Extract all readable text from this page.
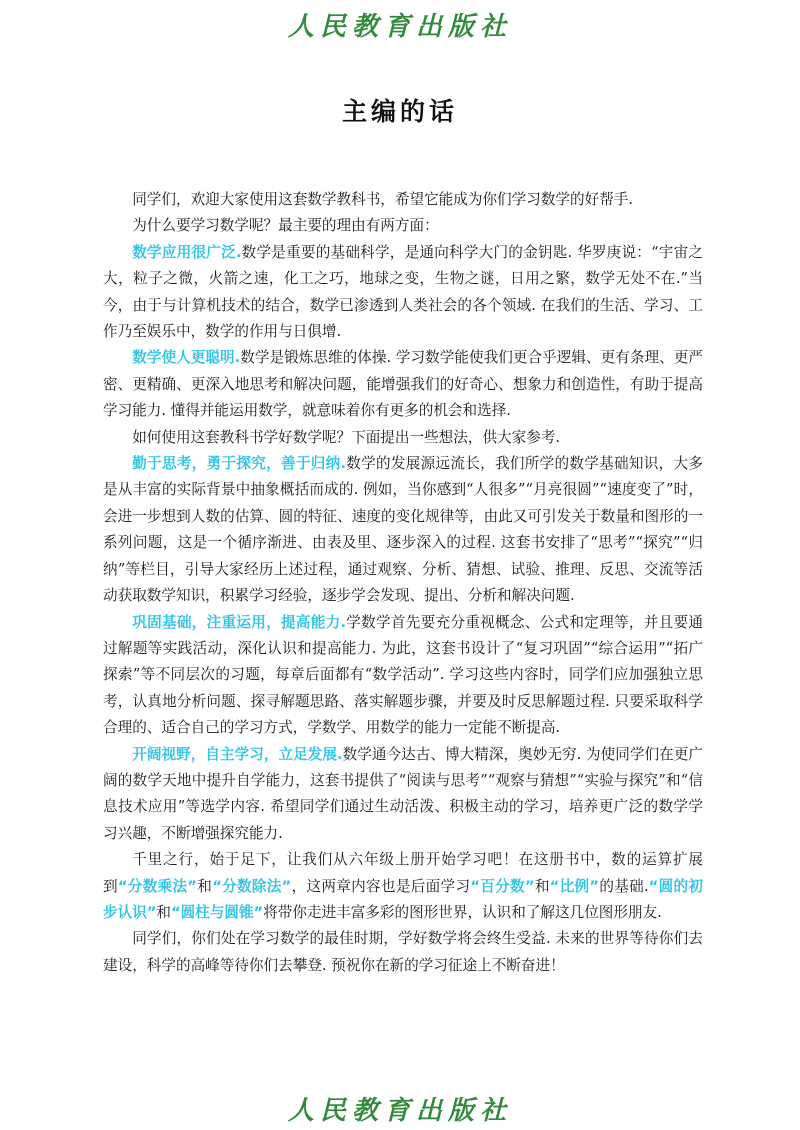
人民教育出版社
主编的话

同学们，欢迎大家使用这套数学教科书，希望它能成为你们学习数学的好帮手.

为什么要学习数学呢？最主要的理由有两方面：

数学应用很广泛.数学是重要的基础科学，是通向科学大门的金钥匙. 华罗庚说：“宇宙之大，粒子之微，火箭之速，化工之巧，地球之变，生物之谜，日用之繁，数学无处不在.”当今，由于与计算机技术的结合，数学已渗透到人类社会的各个领域. 在我们的生活、学习、工作乃至娱乐中，数学的作用与日俱增.

数学使人更聪明.数学是锻炼思维的体操. 学习数学能使我们更合乎逻辑、更有条理、更严密、更精确、更深入地思考和解决问题，能增强我们的好奇心、想象力和创造性，有助于提高学习能力. 懂得并能运用数学，就意味着你有更多的机会和选择.

如何使用这套教科书学好数学呢？下面提出一些想法，供大家参考.

勤于思考，勇于探究，善于归纳.数学的发展源远流长，我们所学的数学基础知识，大多是从丰富的实际背景中抽象概括而成的. 例如，当你感到“人很多”“月亮很圆”“速度变了”时，会进一步想到人数的估算、圆的特征、速度的变化规律等，由此又可引发关于数量和图形的一系列问题，这是一个循序渐进、由表及里、逐步深入的过程. 这套书安排了“思考”“探究”“归纳”等栏目，引导大家经历上述过程，通过观察、分析、猜想、试验、推理、反思、交流等活动获取数学知识，积累学习经验，逐步学会发现、提出、分析和解决问题.

巩固基础，注重运用，提高能力.学数学首先要充分重视概念、公式和定理等，并且要通过解题等实践活动，深化认识和提高能力. 为此，这套书设计了“复习巩固”“综合运用”“拓广探索”等不同层次的习题，每章后面都有“数学活动”. 学习这些内容时，同学们应加强独立思考，认真地分析问题、探寻解题思路、落实解题步骤，并要及时反思解题过程. 只要采取科学合理的、适合自己的学习方式，学数学、用数学的能力一定能不断提高.

开阔视野，自主学习，立足发展.数学通今达古、博大精深，奥妙无穷. 为使同学们在更广阔的数学天地中提升自学能力，这套书提供了“阅读与思考”“观察与猜想”“实验与探究”和“信息技术应用”等选学内容. 希望同学们通过生动活泼、积极主动的学习，培养更广泛的数学学习兴趣，不断增强探究能力.

千里之行，始于足下，让我们从六年级上册开始学习吧！在这册书中，数的运算扩展到“分数乘法”和“分数除法”，这两章内容也是后面学习“百分数”和“比例”的基础.“圆的初步认识”和“圆柱与圆锥”将带你走进丰富多彩的图形世界，认识和了解这几位图形朋友.

同学们，你们处在学习数学的最佳时期，学好数学将会终生受益. 未来的世界等待你们去建设，科学的高峰等待你们去攀登. 预祝你在新的学习征途上不断奋进！

人民教育出版社
